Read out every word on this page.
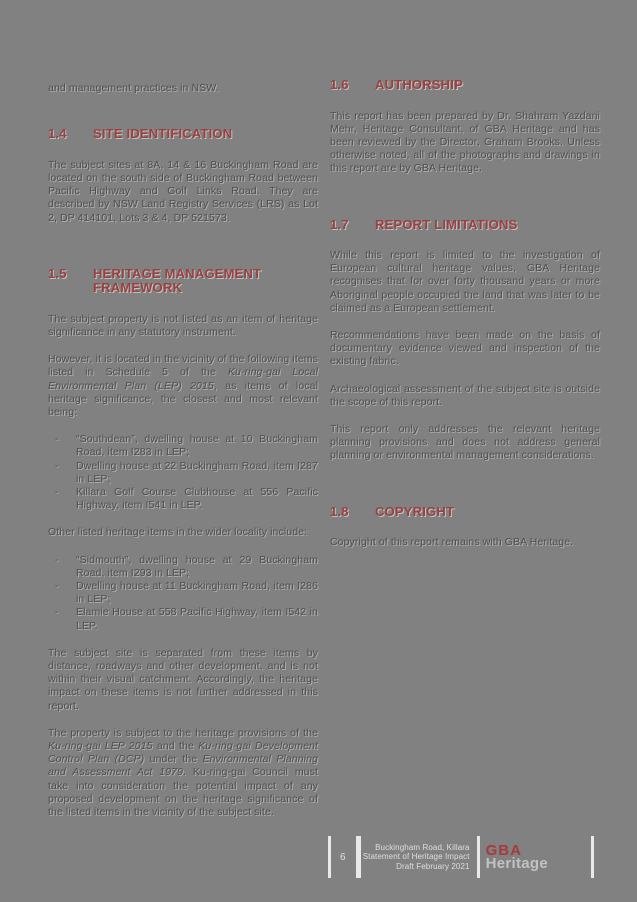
and management practices in NSW.

1.4	SITE IDENTIFICATION

The subject sites at 8A, 14 & 16 Buckingham Road are located on the south side of Buckingham Road between Pacific Highway and Golf Links Road. They are described by NSW Land Registry Services (LRS) as Lot 2, DP 414101, Lots 3 & 4, DP 521573.

1.5	HERITAGE MANAGEMENT FRAMEWORK

The subject property is not listed as an item of heritage significance in any statutory instrument.

However, it is located in the vicinity of the following items listed in Schedule 5 of the Ku-ring-gai Local Environmental Plan (LEP) 2015, as items of local heritage significance, the closest and most relevant being:

-	“Southdean”, dwelling house at 10 Buckingham Road, item I283 in LEP;
-	Dwelling house at 22 Buckingham Road, item I287 in LEP;
-	Killara Golf Course Clubhouse at 556 Pacific Highway, item I541 in LEP.

Other listed heritage items in the wider locality include:

-	“Sidmouth”, dwelling house at 29 Buckingham Road, item I293 in LEP;
-	Dwelling house at 11 Buckingham Road, item I286 in LEP;
-	Elamie House at 558 Pacific Highway, item I542 in LEP.

The subject site is separated from these items by distance, roadways and other development, and is not within their visual catchment. Accordingly, the heritage impact on these items is not further addressed in this report.

The property is subject to the heritage provisions of the Ku-ring-gai LEP 2015 and the Ku-ring-gai Development Control Plan (DCP) under the Environmental Planning and Assessment Act 1979. Ku-ring-gai Council must take into consideration the potential impact of any proposed development on the heritage significance of the listed items in the vicinity of the subject site.

1.6	AUTHORSHIP

This report has been prepared by Dr. Shahram Yazdani Mehr, Heritage Consultant, of GBA Heritage and has been reviewed by the Director, Graham Brooks. Unless otherwise noted, all of the photographs and drawings in this report are by GBA Heritage.

1.7	REPORT LIMITATIONS

While this report is limited to the investigation of European cultural heritage values, GBA Heritage recognises that for over forty thousand years or more Aboriginal people occupied the land that was later to be claimed as a European settlement.

Recommendations have been made on the basis of documentary evidence viewed and inspection of the existing fabric.

Archaeological assessment of the subject site is outside the scope of this report.

This report only addresses the relevant heritage planning provisions and does not address general planning or environmental management considerations.

1.8	COPYRIGHT

Copyright of this report remains with GBA Heritage.

6
Buckingham Road, Killara
Statement of Heritage Impact
Draft February 2021
GBA
Heritage
